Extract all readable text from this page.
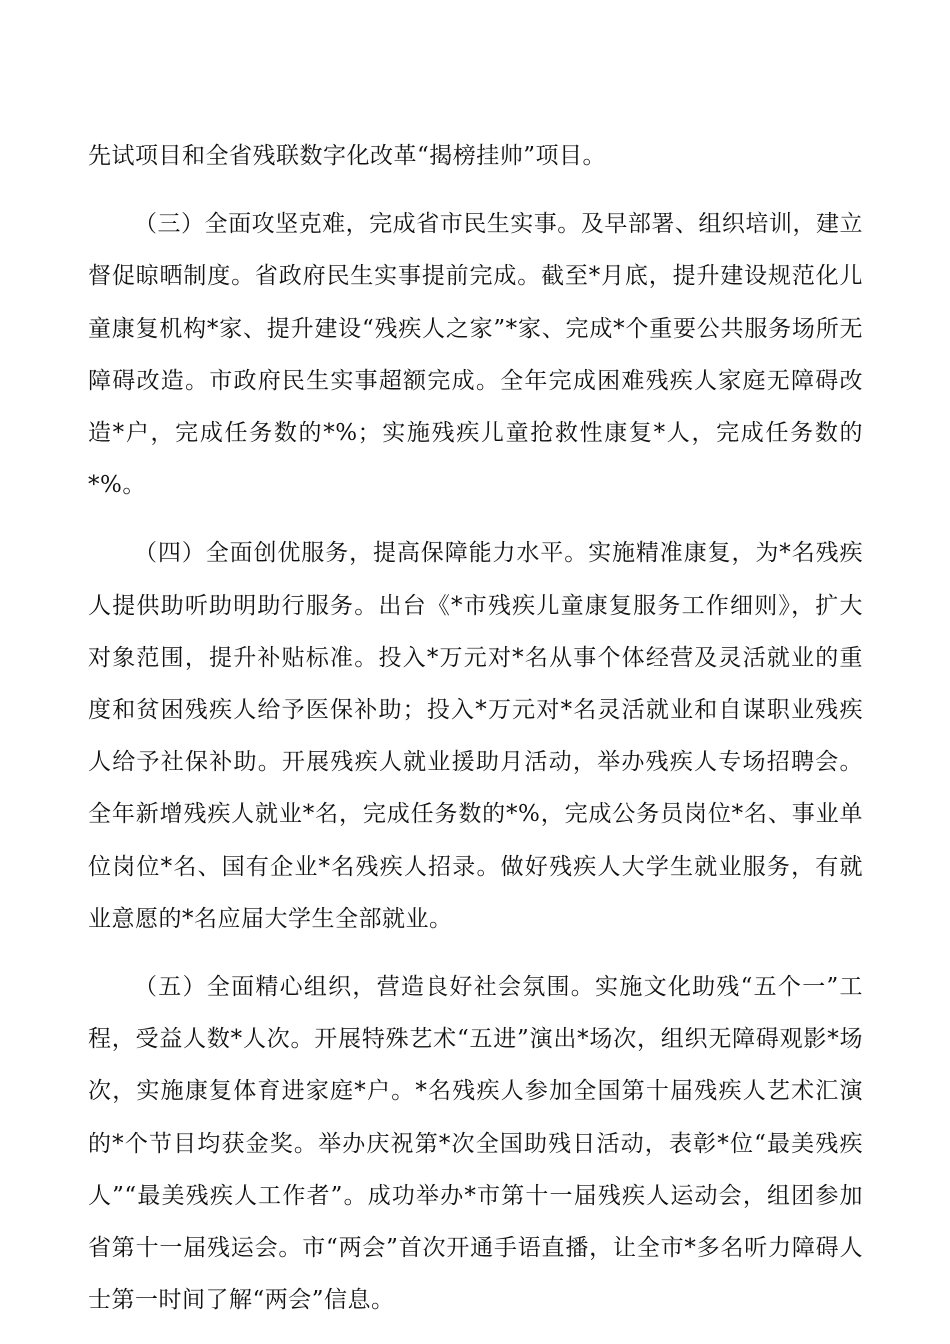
先试项目和全省残联数字化改革“揭榜挂帅”项目。

（三）全面攻坚克难，完成省市民生实事。及早部署、组织培训，建立督促晾晒制度。省政府民生实事提前完成。截至*月底，提升建设规范化儿童康复机构*家、提升建设“残疾人之家”*家、完成*个重要公共服务场所无障碍改造。市政府民生实事超额完成。全年完成困难残疾人家庭无障碍改造*户，完成任务数的*%；实施残疾儿童抢救性康复*人，完成任务数的*%。

（四）全面创优服务，提高保障能力水平。实施精准康复，为*名残疾人提供助听助明助行服务。出台《*市残疾儿童康复服务工作细则》，扩大对象范围，提升补贴标准。投入*万元对*名从事个体经营及灵活就业的重度和贫困残疾人给予医保补助；投入*万元对*名灵活就业和自谋职业残疾人给予社保补助。开展残疾人就业援助月活动，举办残疾人专场招聘会。全年新增残疾人就业*名，完成任务数的*%，完成公务员岗位*名、事业单位岗位*名、国有企业*名残疾人招录。做好残疾人大学生就业服务，有就业意愿的*名应届大学生全部就业。

（五）全面精心组织，营造良好社会氛围。实施文化助残“五个一”工程，受益人数*人次。开展特殊艺术“五进”演出*场次，组织无障碍观影*场次，实施康复体育进家庭*户。*名残疾人参加全国第十届残疾人艺术汇演的*个节目均获金奖。举办庆祝第*次全国助残日活动，表彰*位“最美残疾人”“最美残疾人工作者”。成功举办*市第十一届残疾人运动会，组团参加省第十一届残运会。市“两会”首次开通手语直播，让全市*多名听力障碍人士第一时间了解“两会”信息。
